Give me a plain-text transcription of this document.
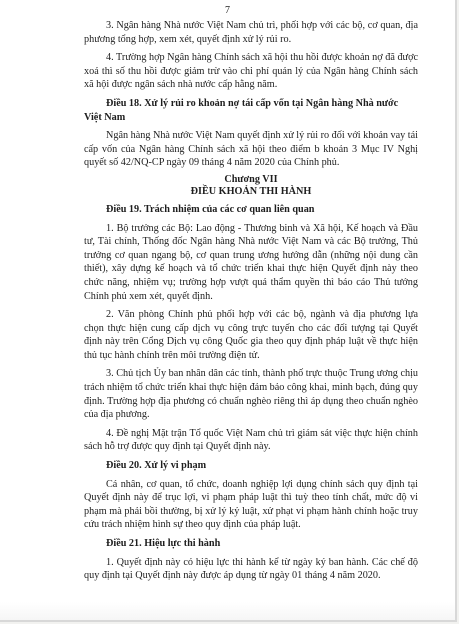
7

3. Ngân hàng Nhà nước Việt Nam chủ trì, phối hợp với các bộ, cơ quan, địa phương tổng hợp, xem xét, quyết định xử lý rủi ro.

4. Trường hợp Ngân hàng Chính sách xã hội thu hồi được khoản nợ đã được xoá thì số thu hồi được giảm trừ vào chi phí quản lý của Ngân hàng Chính sách xã hội được ngân sách nhà nước cấp hằng năm.

Điều 18. Xử lý rủi ro khoản nợ tái cấp vốn tại Ngân hàng Nhà nước Việt Nam

Ngân hàng Nhà nước Việt Nam quyết định xử lý rủi ro đối với khoản vay tái cấp vốn của Ngân hàng Chính sách xã hội theo điểm b khoản 3 Mục IV Nghị quyết số 42/NQ-CP ngày 09 tháng 4 năm 2020 của Chính phủ.

Chương VII

ĐIỀU KHOẢN THI HÀNH

Điều 19. Trách nhiệm của các cơ quan liên quan

1. Bộ trưởng các Bộ: Lao động - Thương binh và Xã hội, Kế hoạch và Đầu tư, Tài chính, Thống đốc Ngân hàng Nhà nước Việt Nam và các Bộ trưởng, Thủ trưởng cơ quan ngang bộ, cơ quan trung ương hướng dẫn (những nội dung cần thiết), xây dựng kế hoạch và tổ chức triển khai thực hiện Quyết định này theo chức năng, nhiệm vụ; trường hợp vượt quá thẩm quyền thì báo cáo Thủ tướng Chính phủ xem xét, quyết định.

2. Văn phòng Chính phủ phối hợp với các bộ, ngành và địa phương lựa chọn thực hiện cung cấp dịch vụ công trực tuyến cho các đối tượng tại Quyết định này trên Cổng Dịch vụ công Quốc gia theo quy định pháp luật về thực hiện thủ tục hành chính trên môi trường điện tử.

3. Chủ tịch Ủy ban nhân dân các tỉnh, thành phố trực thuộc Trung ương chịu trách nhiệm tổ chức triển khai thực hiện đảm bảo công khai, minh bạch, đúng quy định. Trường hợp địa phương có chuẩn nghèo riêng thì áp dụng theo chuẩn nghèo của địa phương.

4. Đề nghị Mặt trận Tổ quốc Việt Nam chủ trì giám sát việc thực hiện chính sách hỗ trợ được quy định tại Quyết định này.

Điều 20. Xử lý vi phạm

Cá nhân, cơ quan, tổ chức, doanh nghiệp lợi dụng chính sách quy định tại Quyết định này để trục lợi, vi phạm pháp luật thì tuỳ theo tính chất, mức độ vi phạm mà phải bồi thường, bị xử lý kỷ luật, xử phạt vi phạm hành chính hoặc truy cứu trách nhiệm hình sự theo quy định của pháp luật.

Điều 21. Hiệu lực thi hành

1. Quyết định này có hiệu lực thi hành kể từ ngày ký ban hành. Các chế độ quy định tại Quyết định này được áp dụng từ ngày 01 tháng 4 năm 2020.
